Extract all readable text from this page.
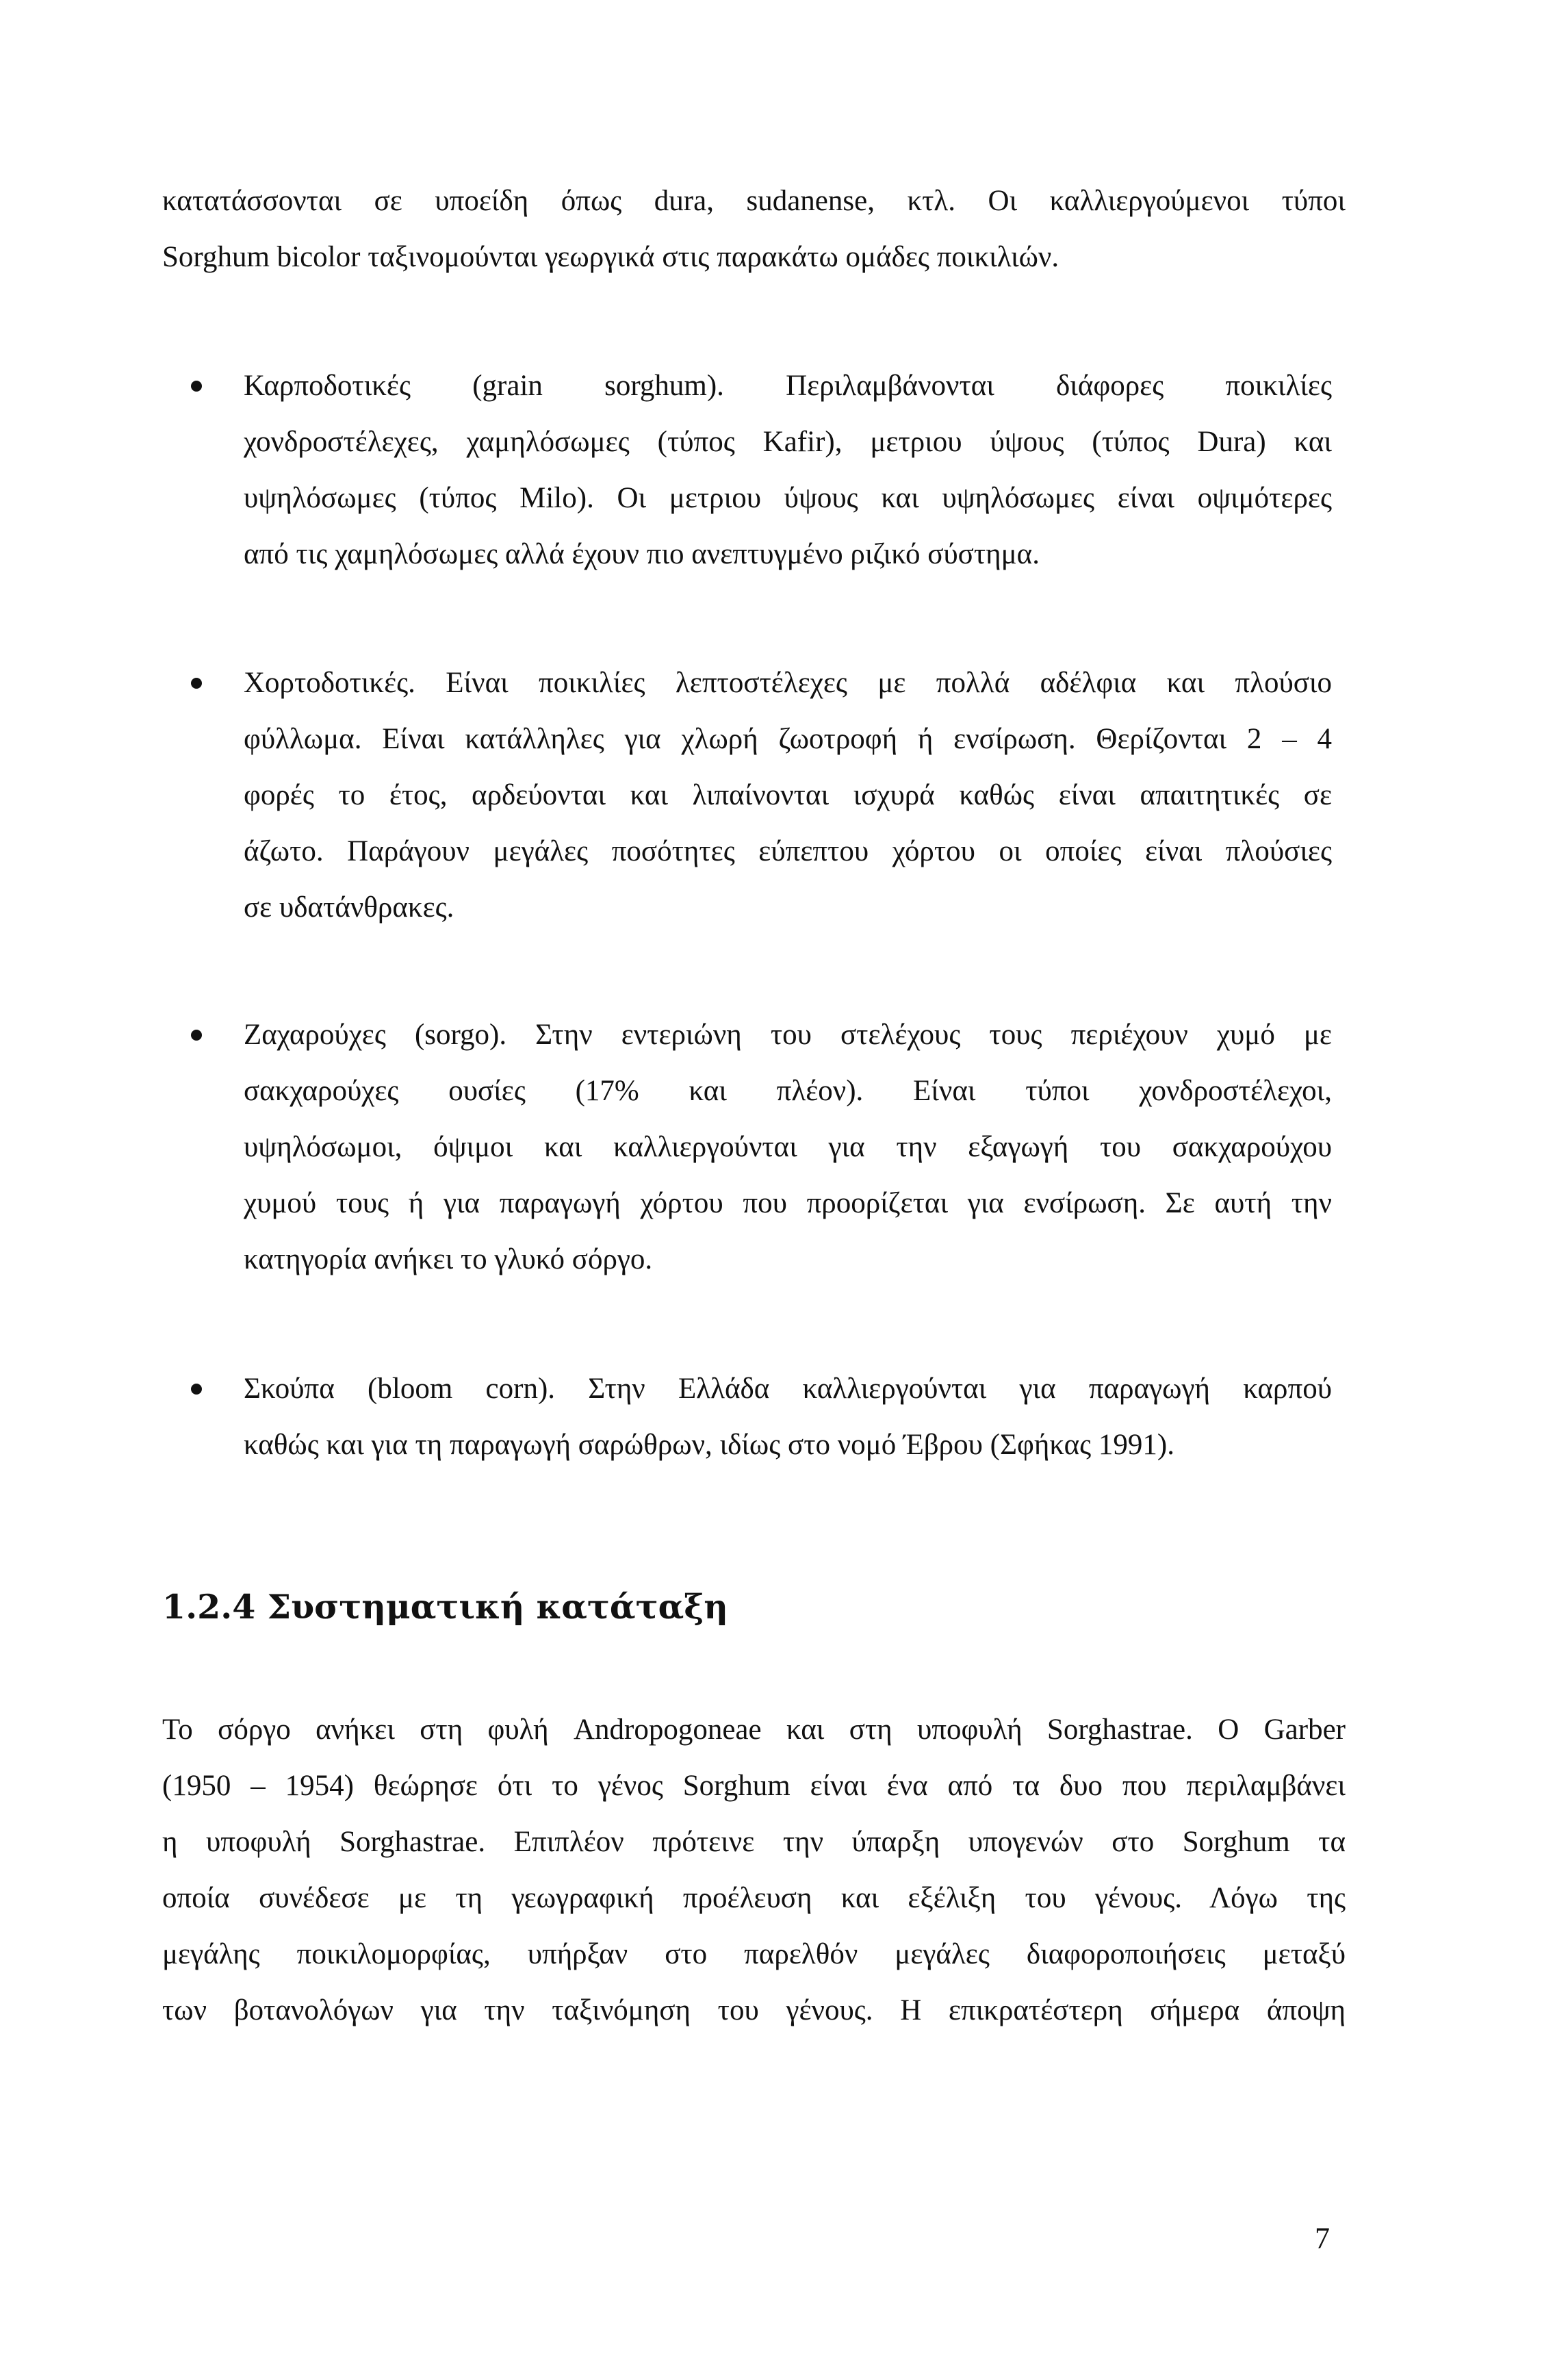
κατατάσσονται σε υποείδη όπως dura, sudanense, κτλ. Οι καλλιεργούμενοι τύποι
Sorghum bicolor ταξινομούνται γεωργικά στις παρακάτω ομάδες ποικιλιών.
Καρποδοτικές (grain sorghum). Περιλαμβάνονται διάφορες ποικιλίες
χονδροστέλεχες, χαμηλόσωμες (τύπος Kafir), μετριου ύψους (τύπος Dura) και
υψηλόσωμες (τύπος Milo). Οι μετριου ύψους και υψηλόσωμες είναι οψιμότερες
από τις χαμηλόσωμες αλλά έχουν πιο ανεπτυγμένο ριζικό σύστημα.
Χορτοδοτικές. Είναι ποικιλίες λεπτοστέλεχες με πολλά αδέλφια και πλούσιο
φύλλωμα. Είναι κατάλληλες για χλωρή ζωοτροφή ή ενσίρωση. Θερίζονται 2 – 4
φορές το έτος, αρδεύονται και λιπαίνονται ισχυρά καθώς είναι απαιτητικές σε
άζωτο. Παράγουν μεγάλες ποσότητες εύπεπτου χόρτου οι οποίες είναι πλούσιες
σε υδατάνθρακες.
Ζαχαρούχες (sorgo). Στην εντεριώνη του στελέχους τους περιέχουν χυμό με
σακχαρούχες ουσίες (17% και πλέον). Είναι τύποι χονδροστέλεχοι,
υψηλόσωμοι, όψιμοι και καλλιεργούνται για την εξαγωγή του σακχαρούχου
χυμού τους ή για παραγωγή χόρτου που προορίζεται για ενσίρωση. Σε αυτή την
κατηγορία ανήκει το γλυκό σόργο.
Σκούπα (bloom corn). Στην Ελλάδα καλλιεργούνται για παραγωγή καρπού
καθώς και για τη παραγωγή σαρώθρων, ιδίως στο νομό Έβρου (Σφήκας 1991).
1.2.4 Συστηματική κατάταξη
Το σόργο ανήκει στη φυλή Andropogoneae και στη υποφυλή Sorghastrae. Ο Garber
(1950 – 1954) θεώρησε ότι το γένος Sorghum είναι ένα από τα δυο που περιλαμβάνει
η υποφυλή Sorghastrae. Επιπλέον πρότεινε την ύπαρξη υπογενών στο Sorghum τα
οποία συνέδεσε με τη γεωγραφική προέλευση και εξέλιξη του γένους. Λόγω της
μεγάλης ποικιλομορφίας, υπήρξαν στο παρελθόν μεγάλες διαφοροποιήσεις μεταξύ
των βοτανολόγων για την ταξινόμηση του γένους. Η επικρατέστερη σήμερα άποψη
7
